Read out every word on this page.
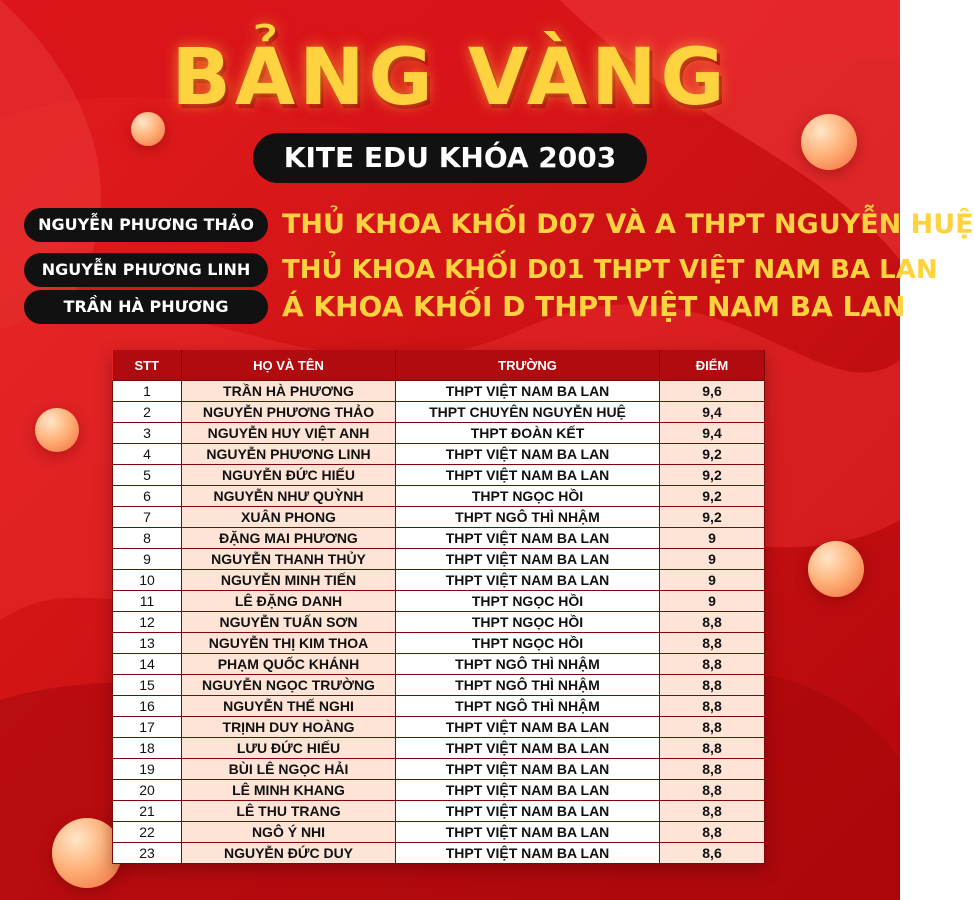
BẢNG VÀNG
KITE EDU KHÓA 2003
NGUYỄN PHƯƠNG THẢO	THỦ KHOA KHỐI D07 VÀ A THPT NGUYỄN HUỆ
NGUYỄN PHƯƠNG LINH	THỦ KHOA KHỐI D01 THPT VIỆT NAM BA LAN
TRẦN HÀ PHƯƠNG	Á KHOA KHỐI D THPT VIỆT NAM BA LAN
STT	HỌ VÀ TÊN	TRƯỜNG	ĐIỂM
1	TRẦN HÀ PHƯƠNG	THPT VIỆT NAM BA LAN	9,6
2	NGUYỄN PHƯƠNG THẢO	THPT CHUYÊN NGUYỄN HUỆ	9,4
3	NGUYỄN HUY VIỆT ANH	THPT ĐOÀN KẾT	9,4
4	NGUYỄN PHƯƠNG LINH	THPT VIỆT NAM BA LAN	9,2
5	NGUYỄN ĐỨC HIẾU	THPT VIỆT NAM BA LAN	9,2
6	NGUYỄN NHƯ QUỲNH	THPT NGỌC HỒI	9,2
7	XUÂN PHONG	THPT NGÔ THÌ NHẬM	9,2
8	ĐẶNG MAI PHƯƠNG	THPT VIỆT NAM BA LAN	9
9	NGUYỄN THANH THỦY	THPT VIỆT NAM BA LAN	9
10	NGUYỄN MINH TIẾN	THPT VIỆT NAM BA LAN	9
11	LÊ ĐẶNG DANH	THPT NGỌC HỒI	9
12	NGUYỄN TUẤN SƠN	THPT NGỌC HỒI	8,8
13	NGUYỄN THỊ KIM THOA	THPT NGỌC HỒI	8,8
14	PHẠM QUỐC KHÁNH	THPT NGÔ THÌ NHẬM	8,8
15	NGUYỄN NGỌC TRƯỜNG	THPT NGÔ THÌ NHẬM	8,8
16	NGUYỄN THẾ NGHI	THPT NGÔ THÌ NHẬM	8,8
17	TRỊNH DUY HOÀNG	THPT VIỆT NAM BA LAN	8,8
18	LƯU ĐỨC HIẾU	THPT VIỆT NAM BA LAN	8,8
19	BÙI LÊ NGỌC HẢI	THPT VIỆT NAM BA LAN	8,8
20	LÊ MINH KHANG	THPT VIỆT NAM BA LAN	8,8
21	LÊ THU TRANG	THPT VIỆT NAM BA LAN	8,8
22	NGÔ Ý NHI	THPT VIỆT NAM BA LAN	8,8
23	NGUYỄN ĐỨC DUY	THPT VIỆT NAM BA LAN	8,6
